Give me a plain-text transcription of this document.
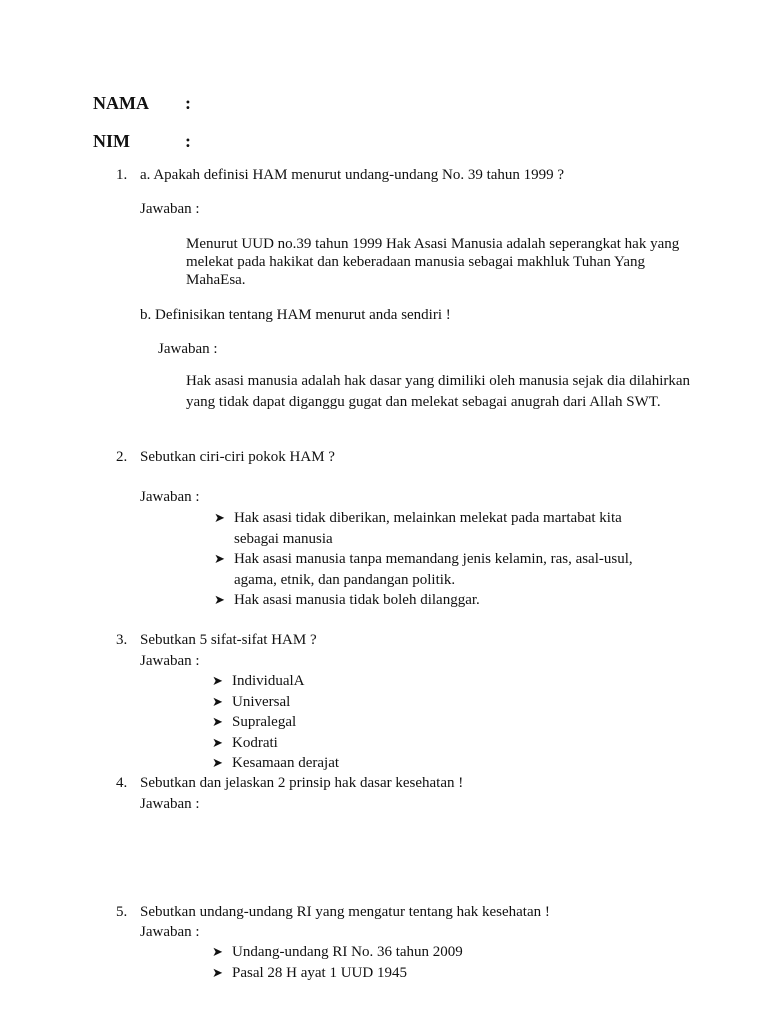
NAMA :
NIM	:
1. a. Apakah definisi HAM menurut undang-undang No. 39 tahun 1999 ?
Jawaban :
Menurut UUD no.39 tahun 1999 Hak Asasi Manusia adalah seperangkat hak yang melekat pada hakikat dan keberadaan manusia sebagai makhluk Tuhan Yang MahaEsa.
b. Definisikan tentang HAM menurut anda sendiri !
Jawaban :
Hak asasi manusia adalah hak dasar yang dimiliki oleh manusia sejak dia dilahirkan yang tidak dapat diganggu gugat dan melekat sebagai anugrah dari Allah SWT.
2. Sebutkan ciri-ciri pokok HAM ?
Jawaban :
➤ Hak asasi tidak diberikan, melainkan melekat pada martabat kita sebagai manusia
➤ Hak asasi manusia tanpa memandang jenis kelamin, ras, asal-usul, agama, etnik, dan pandangan politik.
➤ Hak asasi manusia tidak boleh dilanggar.
3. Sebutkan 5 sifat-sifat HAM ?
Jawaban :
➤ IndividualA
➤ Universal
➤ Supralegal
➤ Kodrati
➤ Kesamaan derajat
4. Sebutkan dan jelaskan 2 prinsip hak dasar kesehatan !
Jawaban :
5. Sebutkan undang-undang RI yang mengatur tentang hak kesehatan !
Jawaban :
➤ Undang-undang RI No. 36 tahun 2009
➤ Pasal 28 H ayat 1 UUD 1945
